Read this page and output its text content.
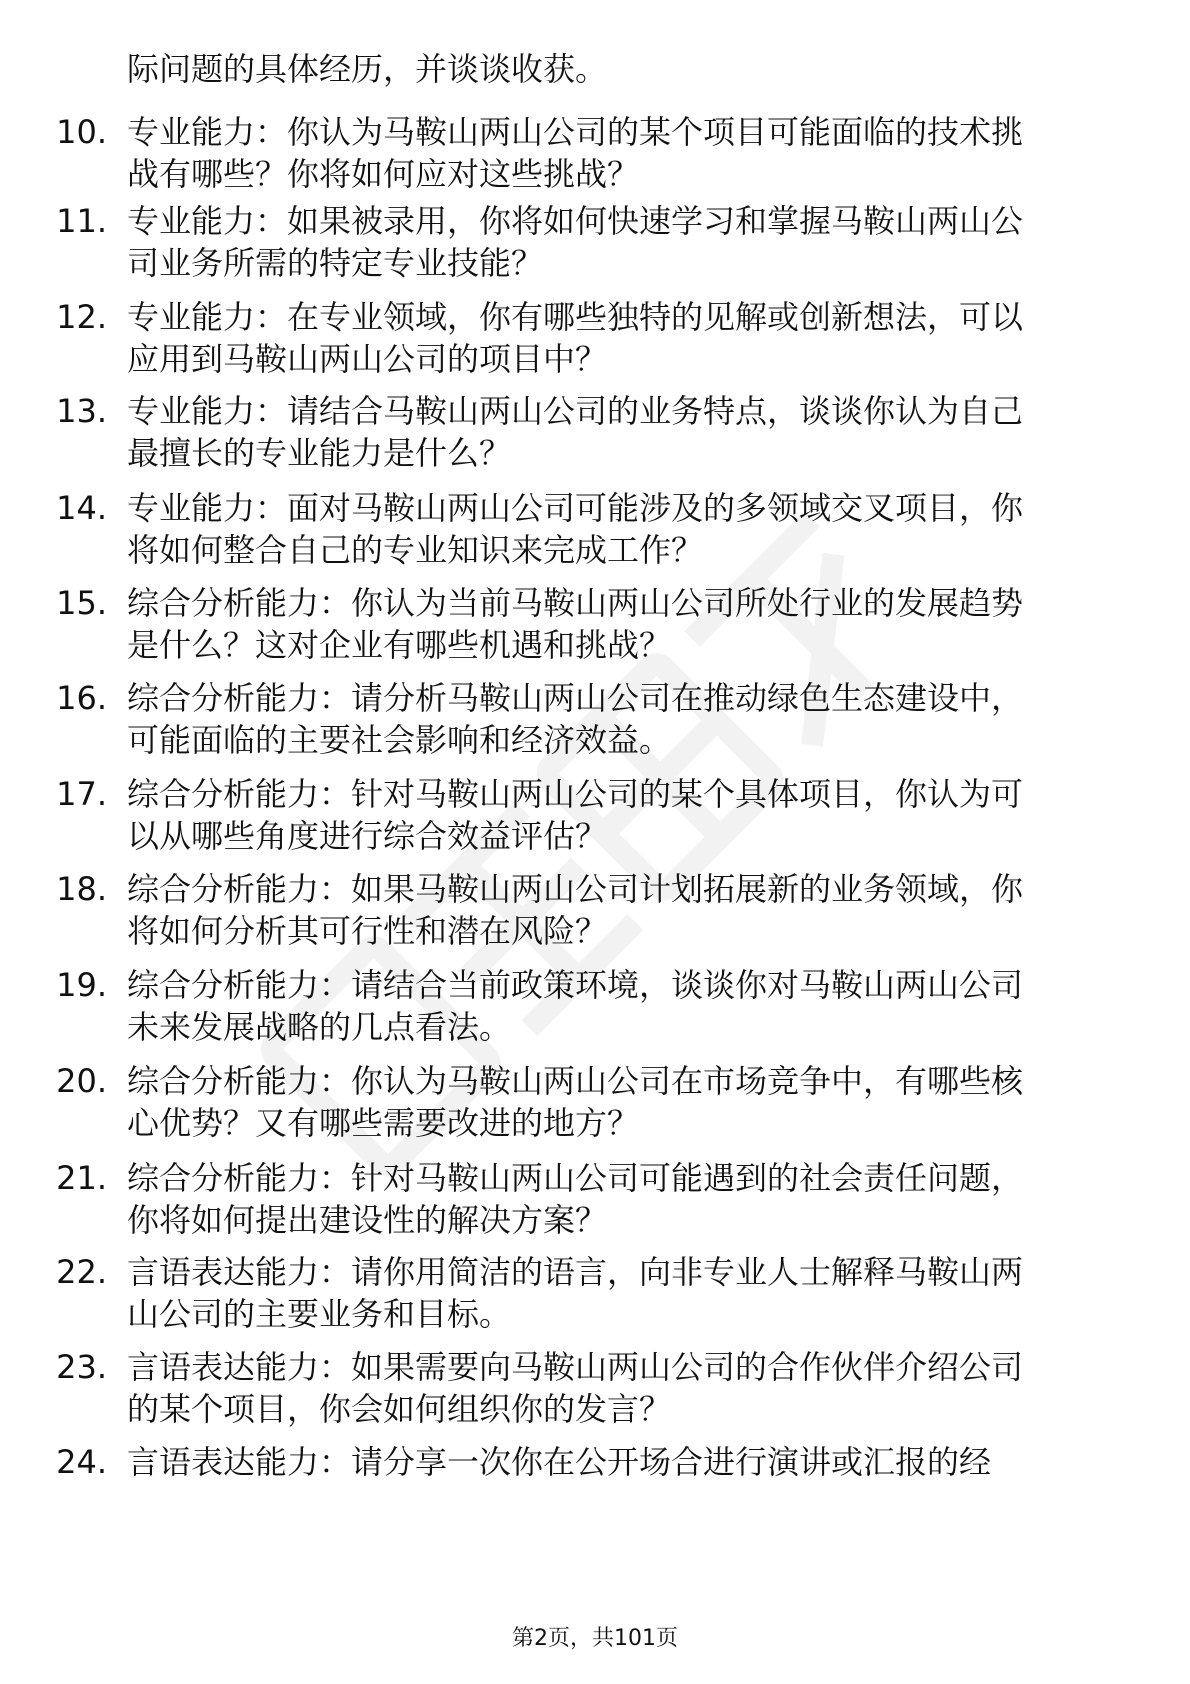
际问题的具体经历，并谈谈收获。
10. 专业能力：你认为马鞍山两山公司的某个项目可能面临的技术挑
战有哪些？你将如何应对这些挑战？
11. 专业能力：如果被录用，你将如何快速学习和掌握马鞍山两山公
司业务所需的特定专业技能？
12. 专业能力：在专业领域，你有哪些独特的见解或创新想法，可以
应用到马鞍山两山公司的项目中？
13. 专业能力：请结合马鞍山两山公司的业务特点，谈谈你认为自己
最擅长的专业能力是什么？
14. 专业能力：面对马鞍山两山公司可能涉及的多领域交叉项目，你
将如何整合自己的专业知识来完成工作？
15. 综合分析能力：你认为当前马鞍山两山公司所处行业的发展趋势
是什么？这对企业有哪些机遇和挑战？
16. 综合分析能力：请分析马鞍山两山公司在推动绿色生态建设中，
可能面临的主要社会影响和经济效益。
17. 综合分析能力：针对马鞍山两山公司的某个具体项目，你认为可
以从哪些角度进行综合效益评估？
18. 综合分析能力：如果马鞍山两山公司计划拓展新的业务领域，你
将如何分析其可行性和潜在风险？
19. 综合分析能力：请结合当前政策环境，谈谈你对马鞍山两山公司
未来发展战略的几点看法。
20. 综合分析能力：你认为马鞍山两山公司在市场竞争中，有哪些核
心优势？又有哪些需要改进的地方？
21. 综合分析能力：针对马鞍山两山公司可能遇到的社会责任问题，
你将如何提出建设性的解决方案？
22. 言语表达能力：请你用简洁的语言，向非专业人士解释马鞍山两
山公司的主要业务和目标。
23. 言语表达能力：如果需要向马鞍山两山公司的合作伙伴介绍公司
的某个项目，你会如何组织你的发言？
24. 言语表达能力：请分享一次你在公开场合进行演讲或汇报的经
第2页，共101页
